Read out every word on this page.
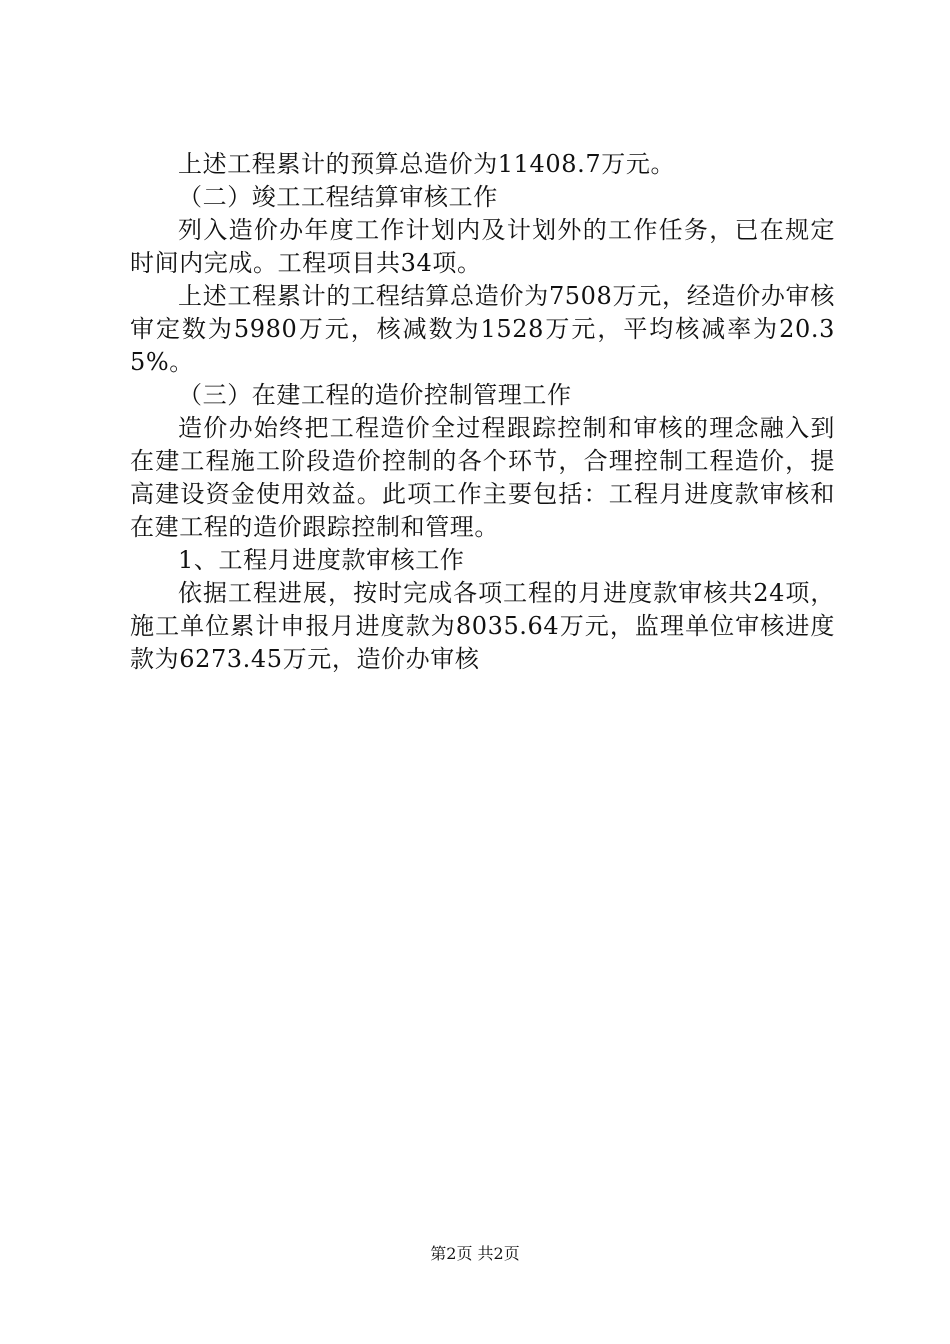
上述工程累计的预算总造价为11408.7万元。

（二）竣工工程结算审核工作

列入造价办年度工作计划内及计划外的工作任务，已在规定时间内完成。工程项目共34项。

上述工程累计的工程结算总造价为7508万元，经造价办审核审定数为5980万元，核减数为1528万元，平均核减率为20.35%。

（三）在建工程的造价控制管理工作

造价办始终把工程造价全过程跟踪控制和审核的理念融入到在建工程施工阶段造价控制的各个环节，合理控制工程造价，提高建设资金使用效益。此项工作主要包括：工程月进度款审核和在建工程的造价跟踪控制和管理。

1、工程月进度款审核工作

依据工程进展，按时完成各项工程的月进度款审核共24项，施工单位累计申报月进度款为8035.64万元，监理单位审核进度款为6273.45万元，造价办审核

第2页 共2页
